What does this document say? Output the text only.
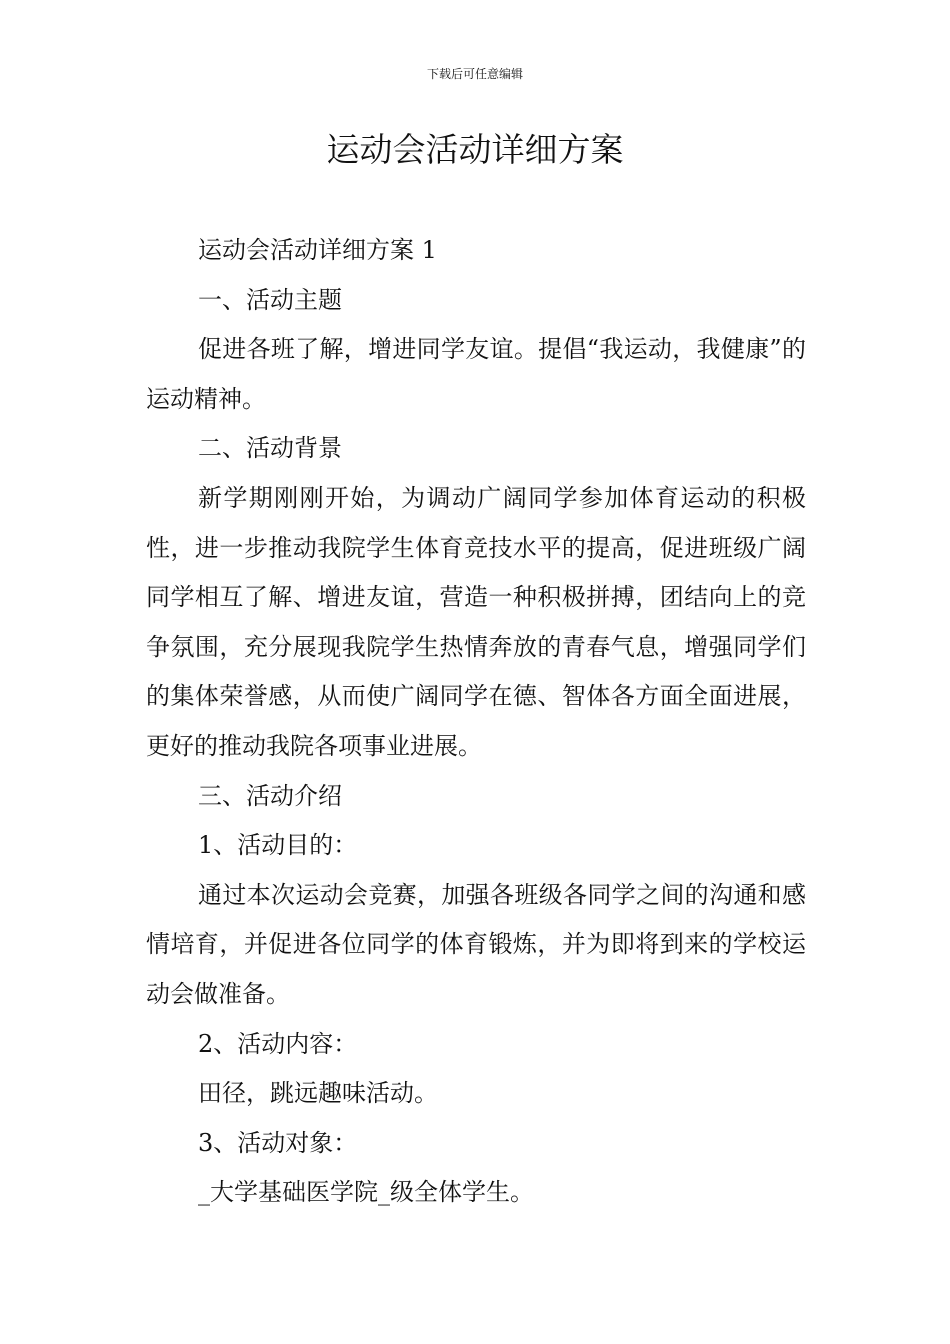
下载后可任意编辑
运动会活动详细方案

运动会活动详细方案 1

一、活动主题

促进各班了解，增进同学友谊。提倡“我运动，我健康”的运动精神。

二、活动背景

新学期刚刚开始，为调动广阔同学参加体育运动的积极性，进一步推动我院学生体育竞技水平的提高，促进班级广阔同学相互了解、增进友谊，营造一种积极拼搏，团结向上的竞争氛围，充分展现我院学生热情奔放的青春气息，增强同学们的集体荣誉感，从而使广阔同学在德、智体各方面全面进展，更好的推动我院各项事业进展。

三、活动介绍

1、活动目的：

通过本次运动会竞赛，加强各班级各同学之间的沟通和感情培育，并促进各位同学的体育锻炼，并为即将到来的学校运动会做准备。

2、活动内容：

田径，跳远趣味活动。

3、活动对象：

_大学基础医学院_级全体学生。
